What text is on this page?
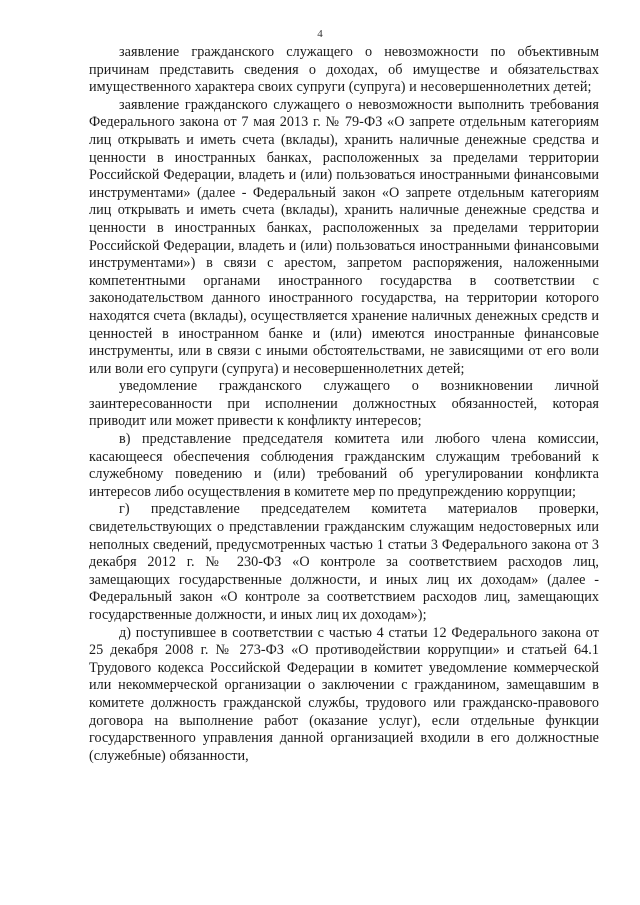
4

заявление гражданского служащего о невозможности по объективным причинам представить сведения о доходах, об имуществе и обязательствах имущественного характера своих супруги (супруга) и несовершеннолетних детей;

заявление гражданского служащего о невозможности выполнить требования Федерального закона от 7 мая 2013 г. № 79-ФЗ «О запрете отдельным категориям лиц открывать и иметь счета (вклады), хранить наличные денежные средства и ценности в иностранных банках, расположенных за пределами территории Российской Федерации, владеть и (или) пользоваться иностранными финансовыми инструментами» (далее - Федеральный закон «О запрете отдельным категориям лиц открывать и иметь счета (вклады), хранить наличные денежные средства и ценности в иностранных банках, расположенных за пределами территории Российской Федерации, владеть и (или) пользоваться иностранными финансовыми инструментами») в связи с арестом, запретом распоряжения, наложенными компетентными органами иностранного государства в соответствии с законодательством данного иностранного государства, на территории которого находятся счета (вклады), осуществляется хранение наличных денежных средств и ценностей в иностранном банке и (или) имеются иностранные финансовые инструменты, или в связи с иными обстоятельствами, не зависящими от его воли или воли его супруги (супруга) и несовершеннолетних детей;

уведомление гражданского служащего о возникновении личной заинтересованности при исполнении должностных обязанностей, которая приводит или может привести к конфликту интересов;

в) представление председателя комитета или любого члена комиссии, касающееся обеспечения соблюдения гражданским служащим требований к служебному поведению и (или) требований об урегулировании конфликта интересов либо осуществления в комитете мер по предупреждению коррупции;

г) представление председателем комитета материалов проверки, свидетельствующих о представлении гражданским служащим недостоверных или неполных сведений, предусмотренных частью 1 статьи 3 Федерального закона от 3 декабря 2012 г. № 230-ФЗ «О контроле за соответствием расходов лиц, замещающих государственные должности, и иных лиц их доходам» (далее - Федеральный закон «О контроле за соответствием расходов лиц, замещающих государственные должности, и иных лиц их доходам»);

д) поступившее в соответствии с частью 4 статьи 12 Федерального закона от 25 декабря 2008 г. № 273-ФЗ «О противодействии коррупции» и статьей 64.1 Трудового кодекса Российской Федерации в комитет уведомление коммерческой или некоммерческой организации о заключении с гражданином, замещавшим в комитете должность гражданской службы, трудового или гражданско-правового договора на выполнение работ (оказание услуг), если отдельные функции государственного управления данной организацией входили в его должностные (служебные) обязанности,
